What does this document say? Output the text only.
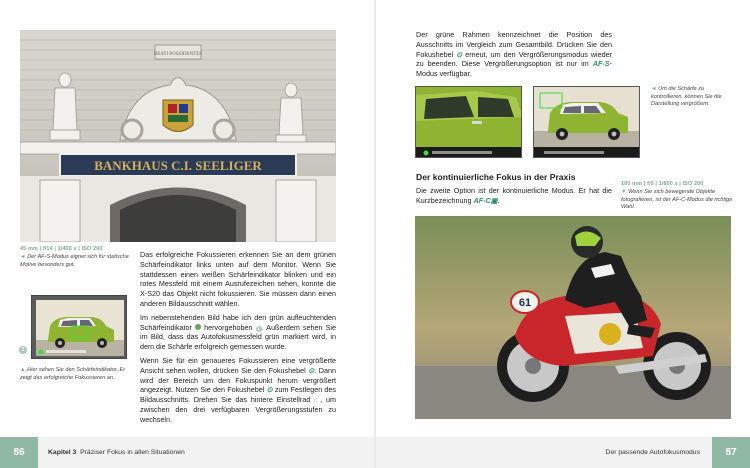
BEATI POSSIDENTES
BANKHAUS C.I. SEELIGER
45 mm | f/14 | 1/400 s | ISO 200
◄ Der AF-S-Modus eignet sich für statische Motive besonders gut.
1
▲ Hier sehen Sie den Schärfeindikator. Er zeigt das erfolgreiche Fokussieren an.

Das erfolgreiche Fokussieren erkennen Sie an dem grünen Schärfeindikator links unten auf dem Monitor. Wenn Sie stattdessen einen weißen Schärfeindikator blinken und ein rotes Messfeld mit einem Ausrufezeichen sehen, konnte die X-S20 das Objekt nicht fokussieren. Sie müssen dann einen anderen Bildausschnitt wählen.

Im nebenstehenden Bild habe ich den grün aufleuchtenden Schärfeindikator hervorgehoben 1 . Außerdem sehen Sie im Bild, dass das Autofokusmessfeld grün markiert wird, in dem die Schärfe erfolgreich gemessen wurde.

Wenn Sie für ein genaueres Fokussieren eine vergrößerte Ansicht sehen wollen, drücken Sie den Fokushebel ⊙. Dann wird der Bereich um den Fokuspunkt herum vergrößert angezeigt. Nutzen Sie den Fokushebel ⊙ zum Festlegen des Bildausschnitts. Drehen Sie das hintere Einstellrad ◌, um zwischen den drei verfügbaren Vergrößerungsstufen zu wechseln.

86	Kapitel 3 Präziser Fokus in allen Situationen
Der grüne Rahmen kennzeichnet die Position des Ausschnitts im Vergleich zum Gesamtbild. Drücken Sie den Fokushebel ⊙ erneut, um den Vergrößerungsmodus wieder zu beenden. Diese Vergrößerungsoption ist nur im AF-S-Modus verfügbar.
◄ Um die Schärfe zu kontrollieren, können Sie die Darstellung vergrößern.
Der kontinuierliche Fokus in der Praxis
Die zweite Option ist der kontinuierliche Modus. Er hat die Kurzbezeichnung AF-C▣.
180 mm | f/9 | 1/800 s | ISO 200
▼ Wenn Sie sich bewegende Objekte fotografieren, ist der AF-C-Modus die richtige Wahl.
61
Der passende Autofokusmodus	87
